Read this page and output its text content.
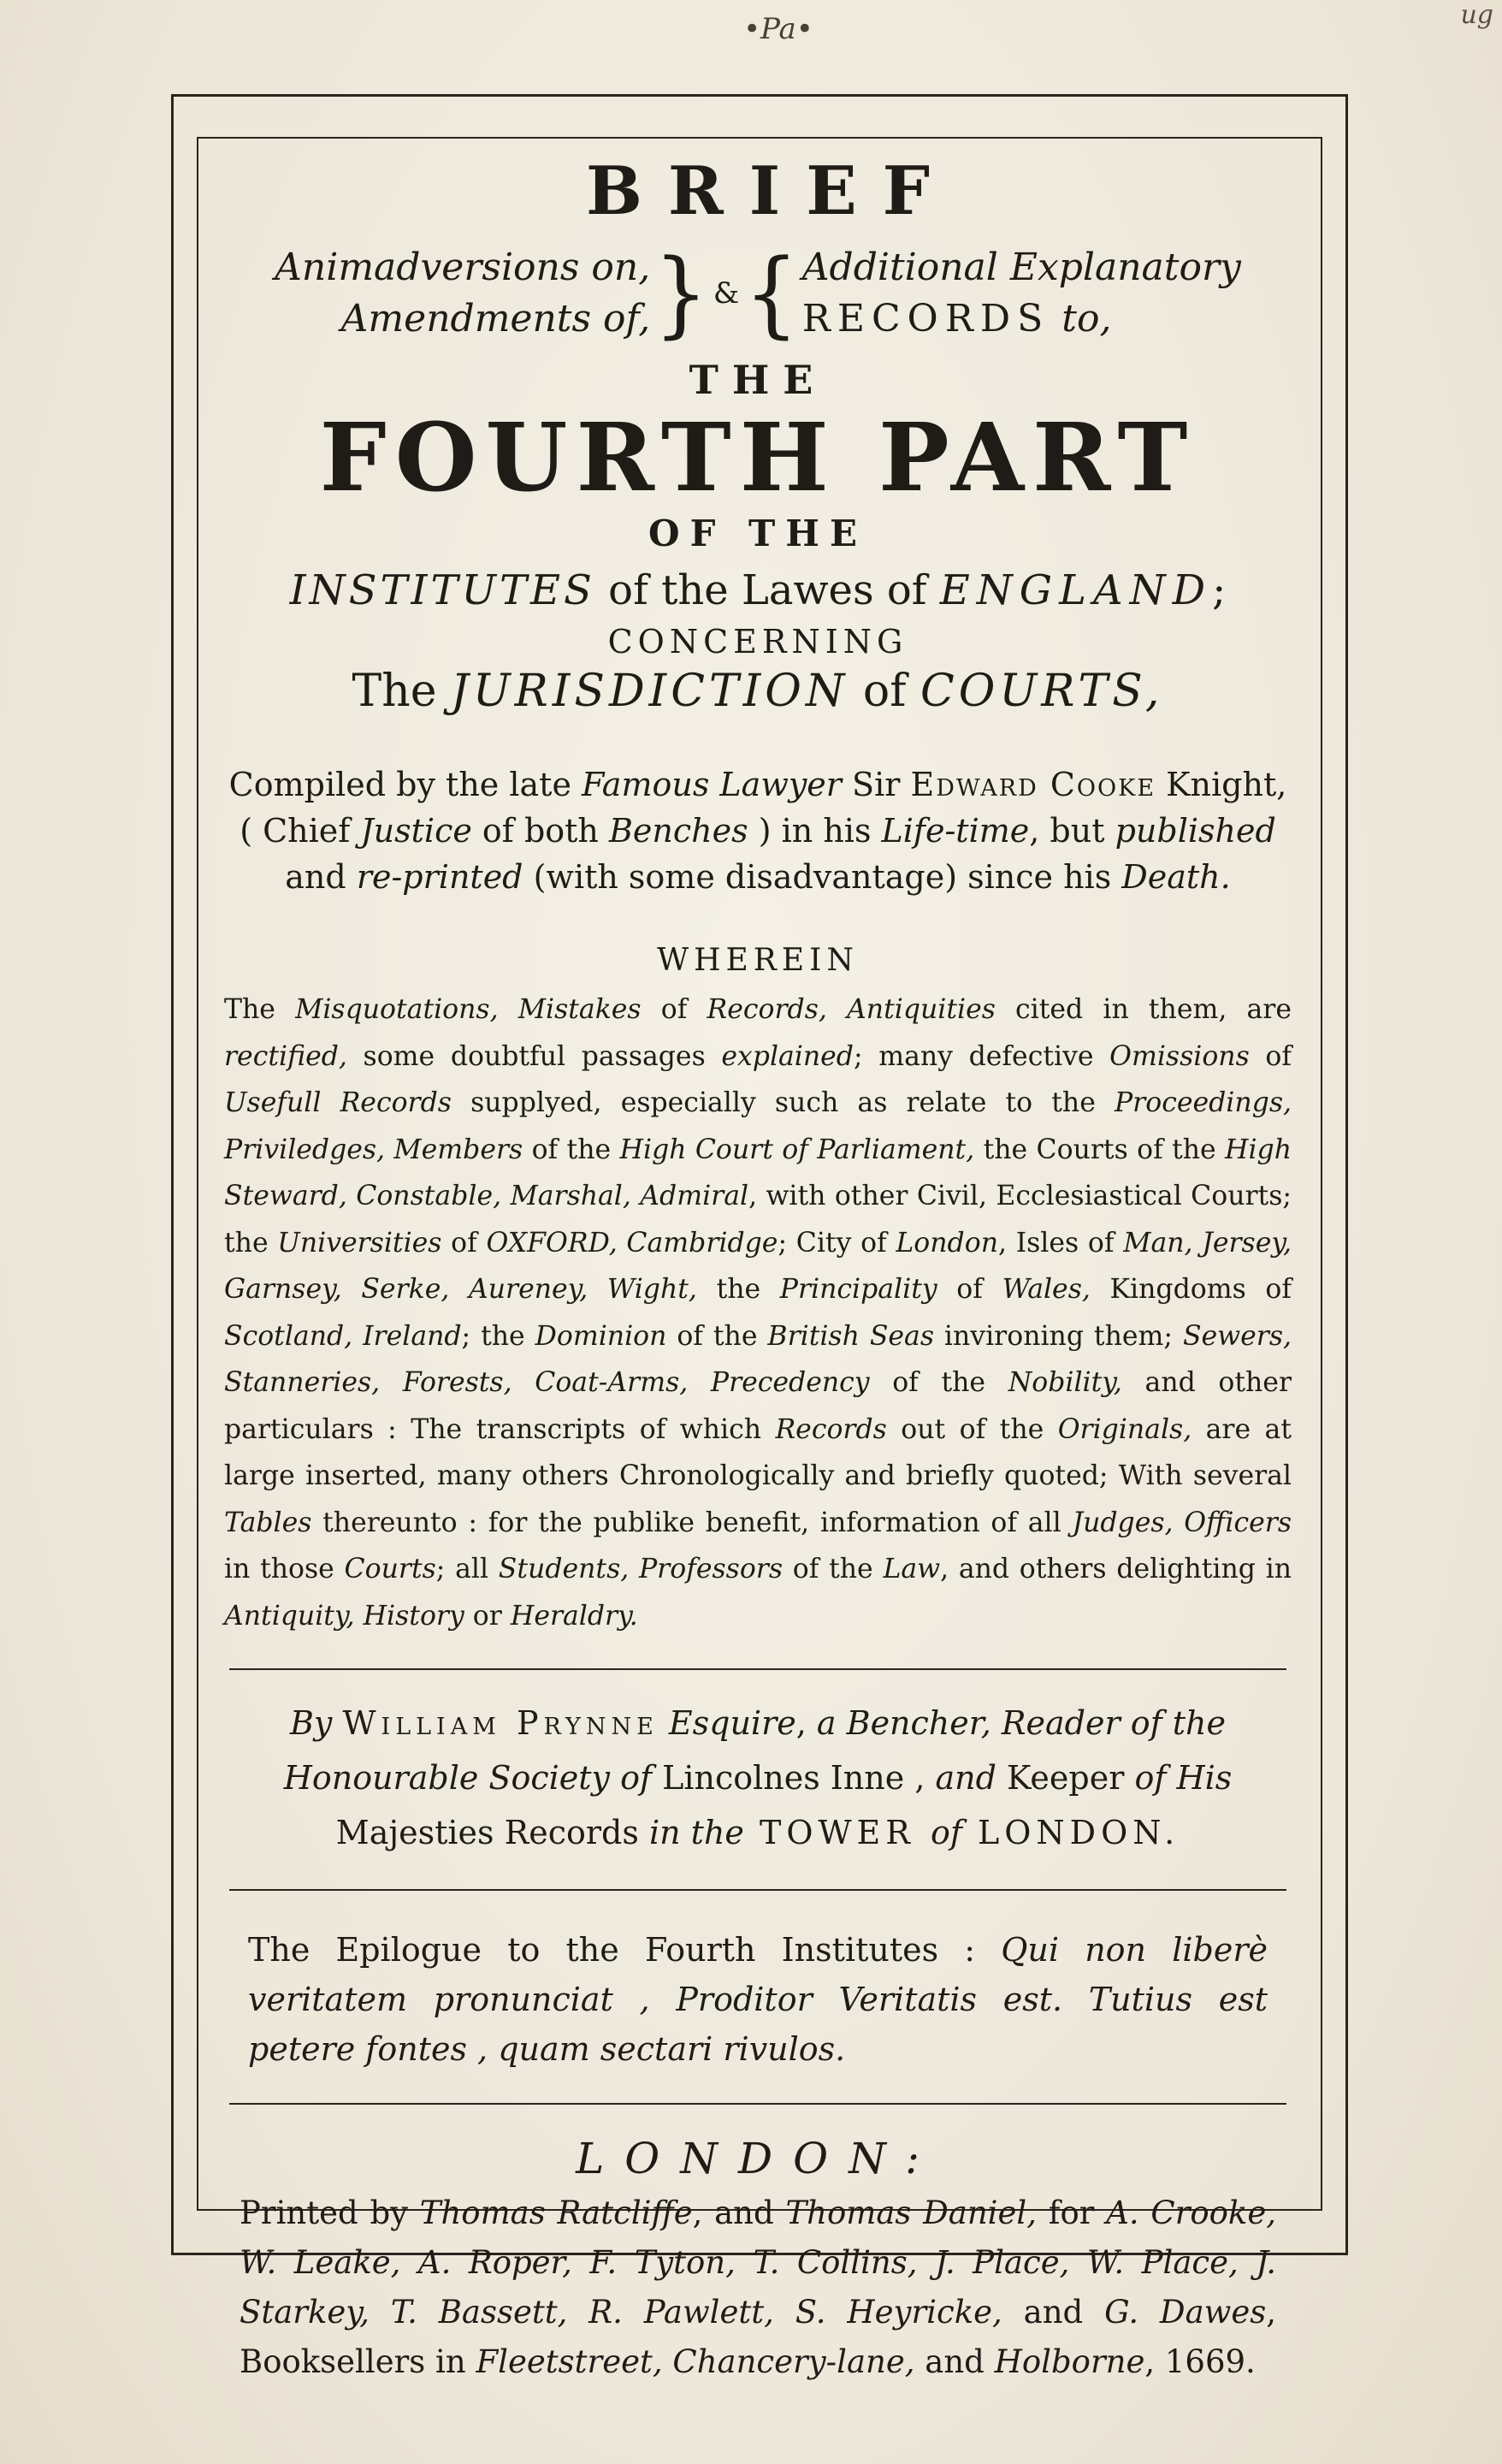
•Pa•	ug
BRIEF
Animadversions on,
Amendments of, } & { Additional Explanatory
RECORDS to,
THE
FOURTH PART
OF THE
INSTITUTES of the Lawes of ENGLAND;
CONCERNING
The JURISDICTION of COURTS,
Compiled by the late Famous Lawyer Sir Edward Cooke Knight,
( Chief Justice of both Benches ) in his Life-time, but published
and re-printed (with some disadvantage) since his Death.
WHEREIN
The Misquotations, Mistakes of Records, Antiquities cited in them, are rectified, some doubtful passages explained; many defective Omissions of Usefull Records supplyed, especially such as relate to the Proceedings, Priviledges, Members of the High Court of Parliament, the Courts of the High Steward, Constable, Marshal, Admiral, with other Civil, Ecclesiastical Courts; the Universities of OXFORD, Cambridge; City of London, Isles of Man, Jersey, Garnsey, Serke, Aureney, Wight, the Principality of Wales, Kingdoms of Scotland, Ireland; the Dominion of the British Seas invironing them; Sewers, Stanneries, Forests, Coat-Arms, Precedency of the Nobility, and other particulars : The transcripts of which Records out of the Originals, are at large inserted, many others Chronologically and briefly quoted; With several Tables thereunto : for the publike benefit, information of all Judges, Officers in those Courts; all Students, Professors of the Law, and others delighting in Antiquity, History or Heraldry.
By William Prynne Esquire, a Bencher, Reader of the Honourable Society of Lincolnes Inne , and Keeper of His Majesties Records in the TOWER of LONDON.
The Epilogue to the Fourth Institutes : Qui non liberè veritatem pronunciat , Proditor Veritatis est. Tutius est petere fontes , quam sectari rivulos.
LONDON:
Printed by Thomas Ratcliffe, and Thomas Daniel, for A. Crooke, W. Leake, A. Roper, F. Tyton, T. Collins, J. Place, W. Place, J. Starkey, T. Bassett, R. Pawlett, S. Heyricke, and G. Dawes, Booksellers in Fleetstreet, Chancery-lane, and Holborne, 1669.
